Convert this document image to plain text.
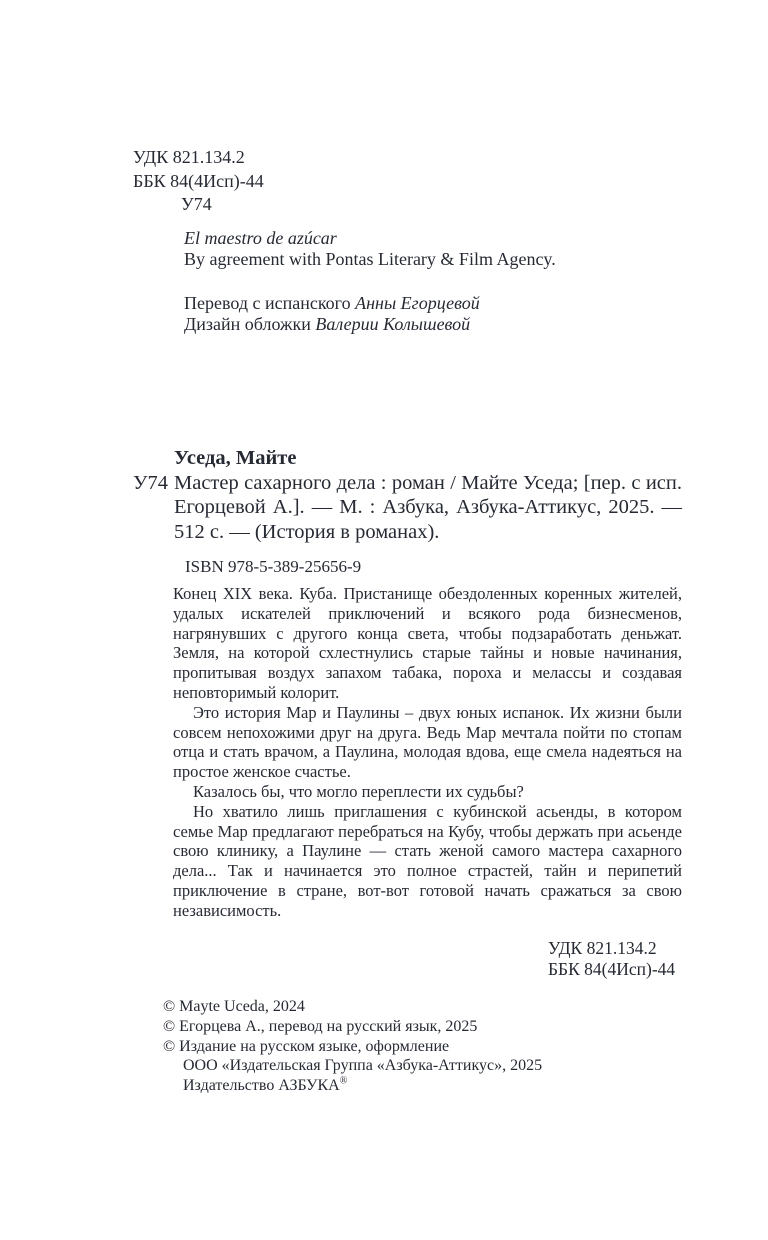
УДК 821.134.2
ББК 84(4Исп)-44
У74
El maestro de azúcar
By agreement with Pontas Literary & Film Agency.
Перевод с испанского Анны Егорцевой
Дизайн обложки Валерии Колышевой
Уседа, Майте
У74 Мастер сахарного дела : роман / Майте Уседа; [пер. с исп. Егорцевой А.]. — М. : Азбука, Азбука-Аттикус, 2025. — 512 с. — (История в романах).

ISBN 978-5-389-25656-9

Конец XIX века. Куба. Пристанище обездоленных коренных жителей, удалых искателей приключений и всякого рода бизнесменов, нагрянувших с другого конца света, чтобы подзаработать деньжат. Земля, на которой схлестнулись старые тайны и новые начинания, пропитывая воздух запахом табака, пороха и мелассы и создавая неповторимый колорит.

Это история Мар и Паулины – двух юных испанок. Их жизни были совсем непохожими друг на друга. Ведь Мар мечтала пойти по стопам отца и стать врачом, а Паулина, молодая вдова, еще смела надеяться на простое женское счастье.

Казалось бы, что могло переплести их судьбы?

Но хватило лишь приглашения с кубинской асьенды, в котором семье Мар предлагают перебраться на Кубу, чтобы держать при асьенде свою клинику, а Паулине — стать женой самого мастера сахарного дела... Так и начинается это полное страстей, тайн и перипетий приключение в стране, вот-вот готовой начать сражаться за свою независимость.

УДК 821.134.2
ББК 84(4Исп)-44
© Mayte Uceda, 2024
© Егорцева А., перевод на русский язык, 2025
© Издание на русском языке, оформление
ООО «Издательская Группа «Азбука-Аттикус», 2025
Издательство АЗБУКА®
